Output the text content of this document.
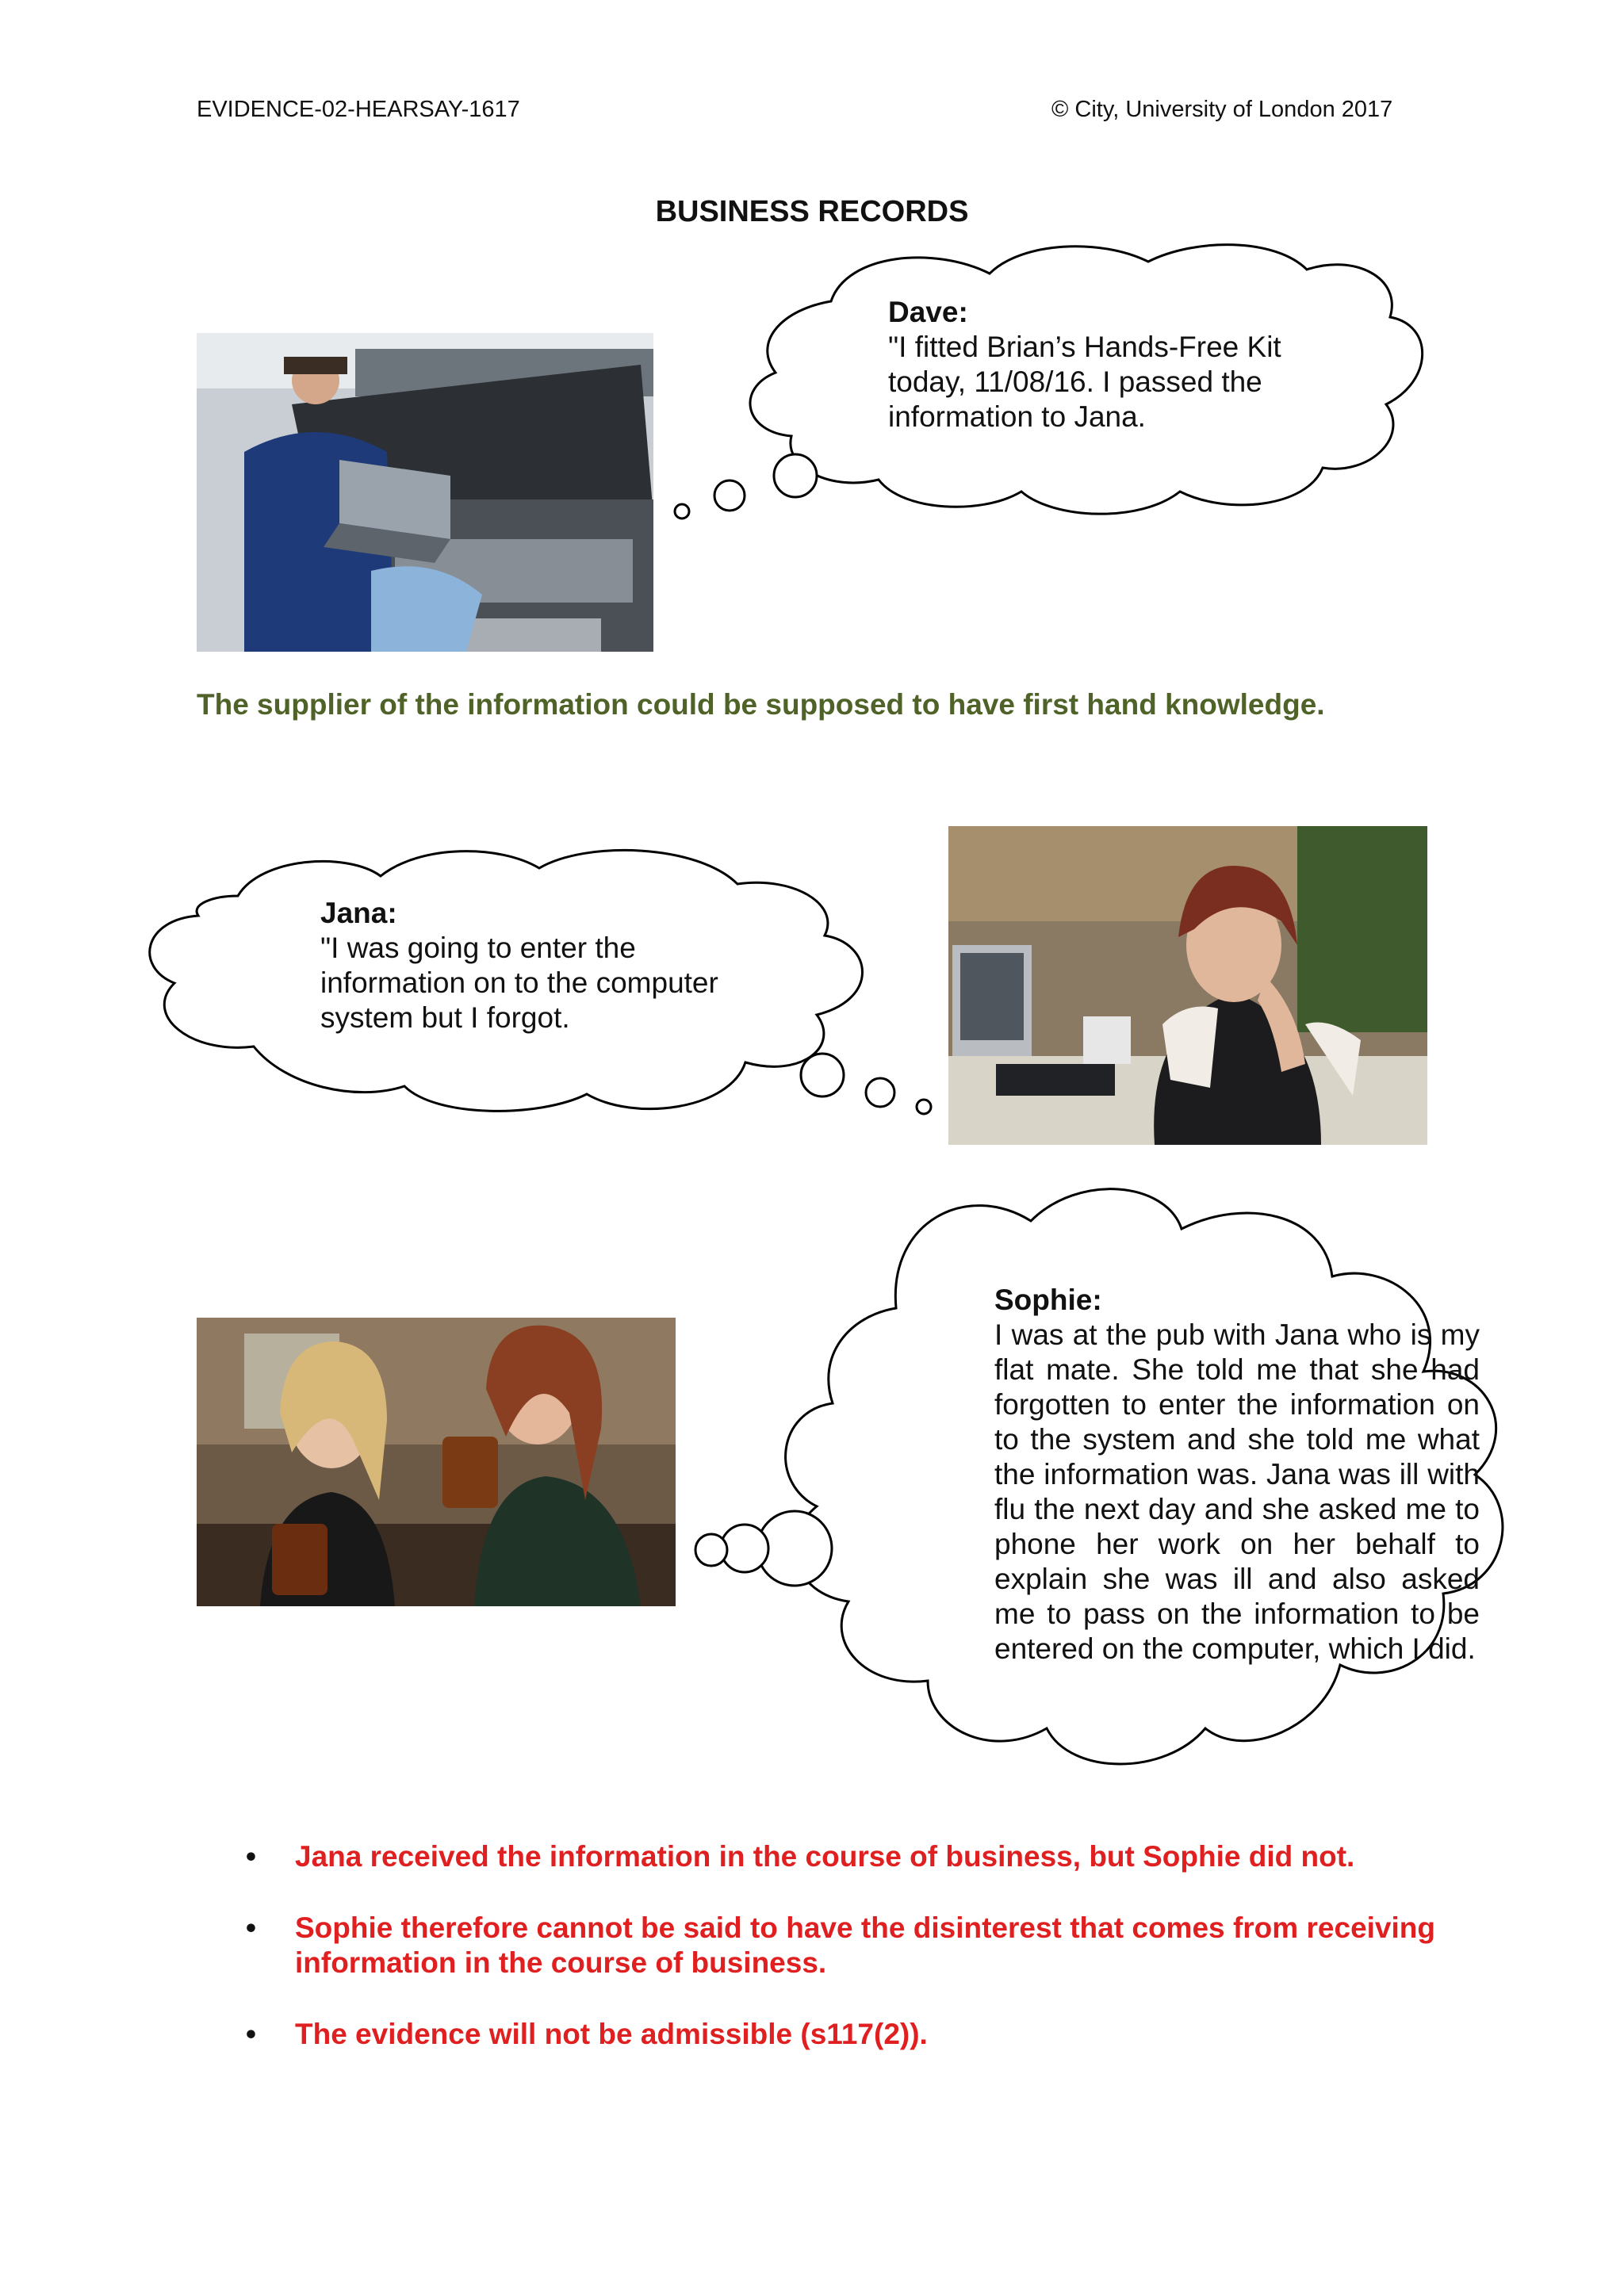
EVIDENCE-02-HEARSAY-1617	© City, University of London 2017
BUSINESS RECORDS
Dave:
"I fitted Brian’s Hands-Free Kit today, 11/08/16. I passed the information to Jana.
The supplier of the information could be supposed to have first hand knowledge.
Jana:
"I was going to enter the information on to the computer system but I forgot.
Sophie:
I was at the pub with Jana who is my flat mate. She told me that she had forgotten to enter the information on to the system and she told me what the information was. Jana was ill with flu the next day and she asked me to phone her work on her behalf to explain she was ill and also asked me to pass on the information to be entered on the computer, which I did.
• Jana received the information in the course of business, but Sophie did not.
• Sophie therefore cannot be said to have the disinterest that comes from receiving information in the course of business.
• The evidence will not be admissible (s117(2)).
